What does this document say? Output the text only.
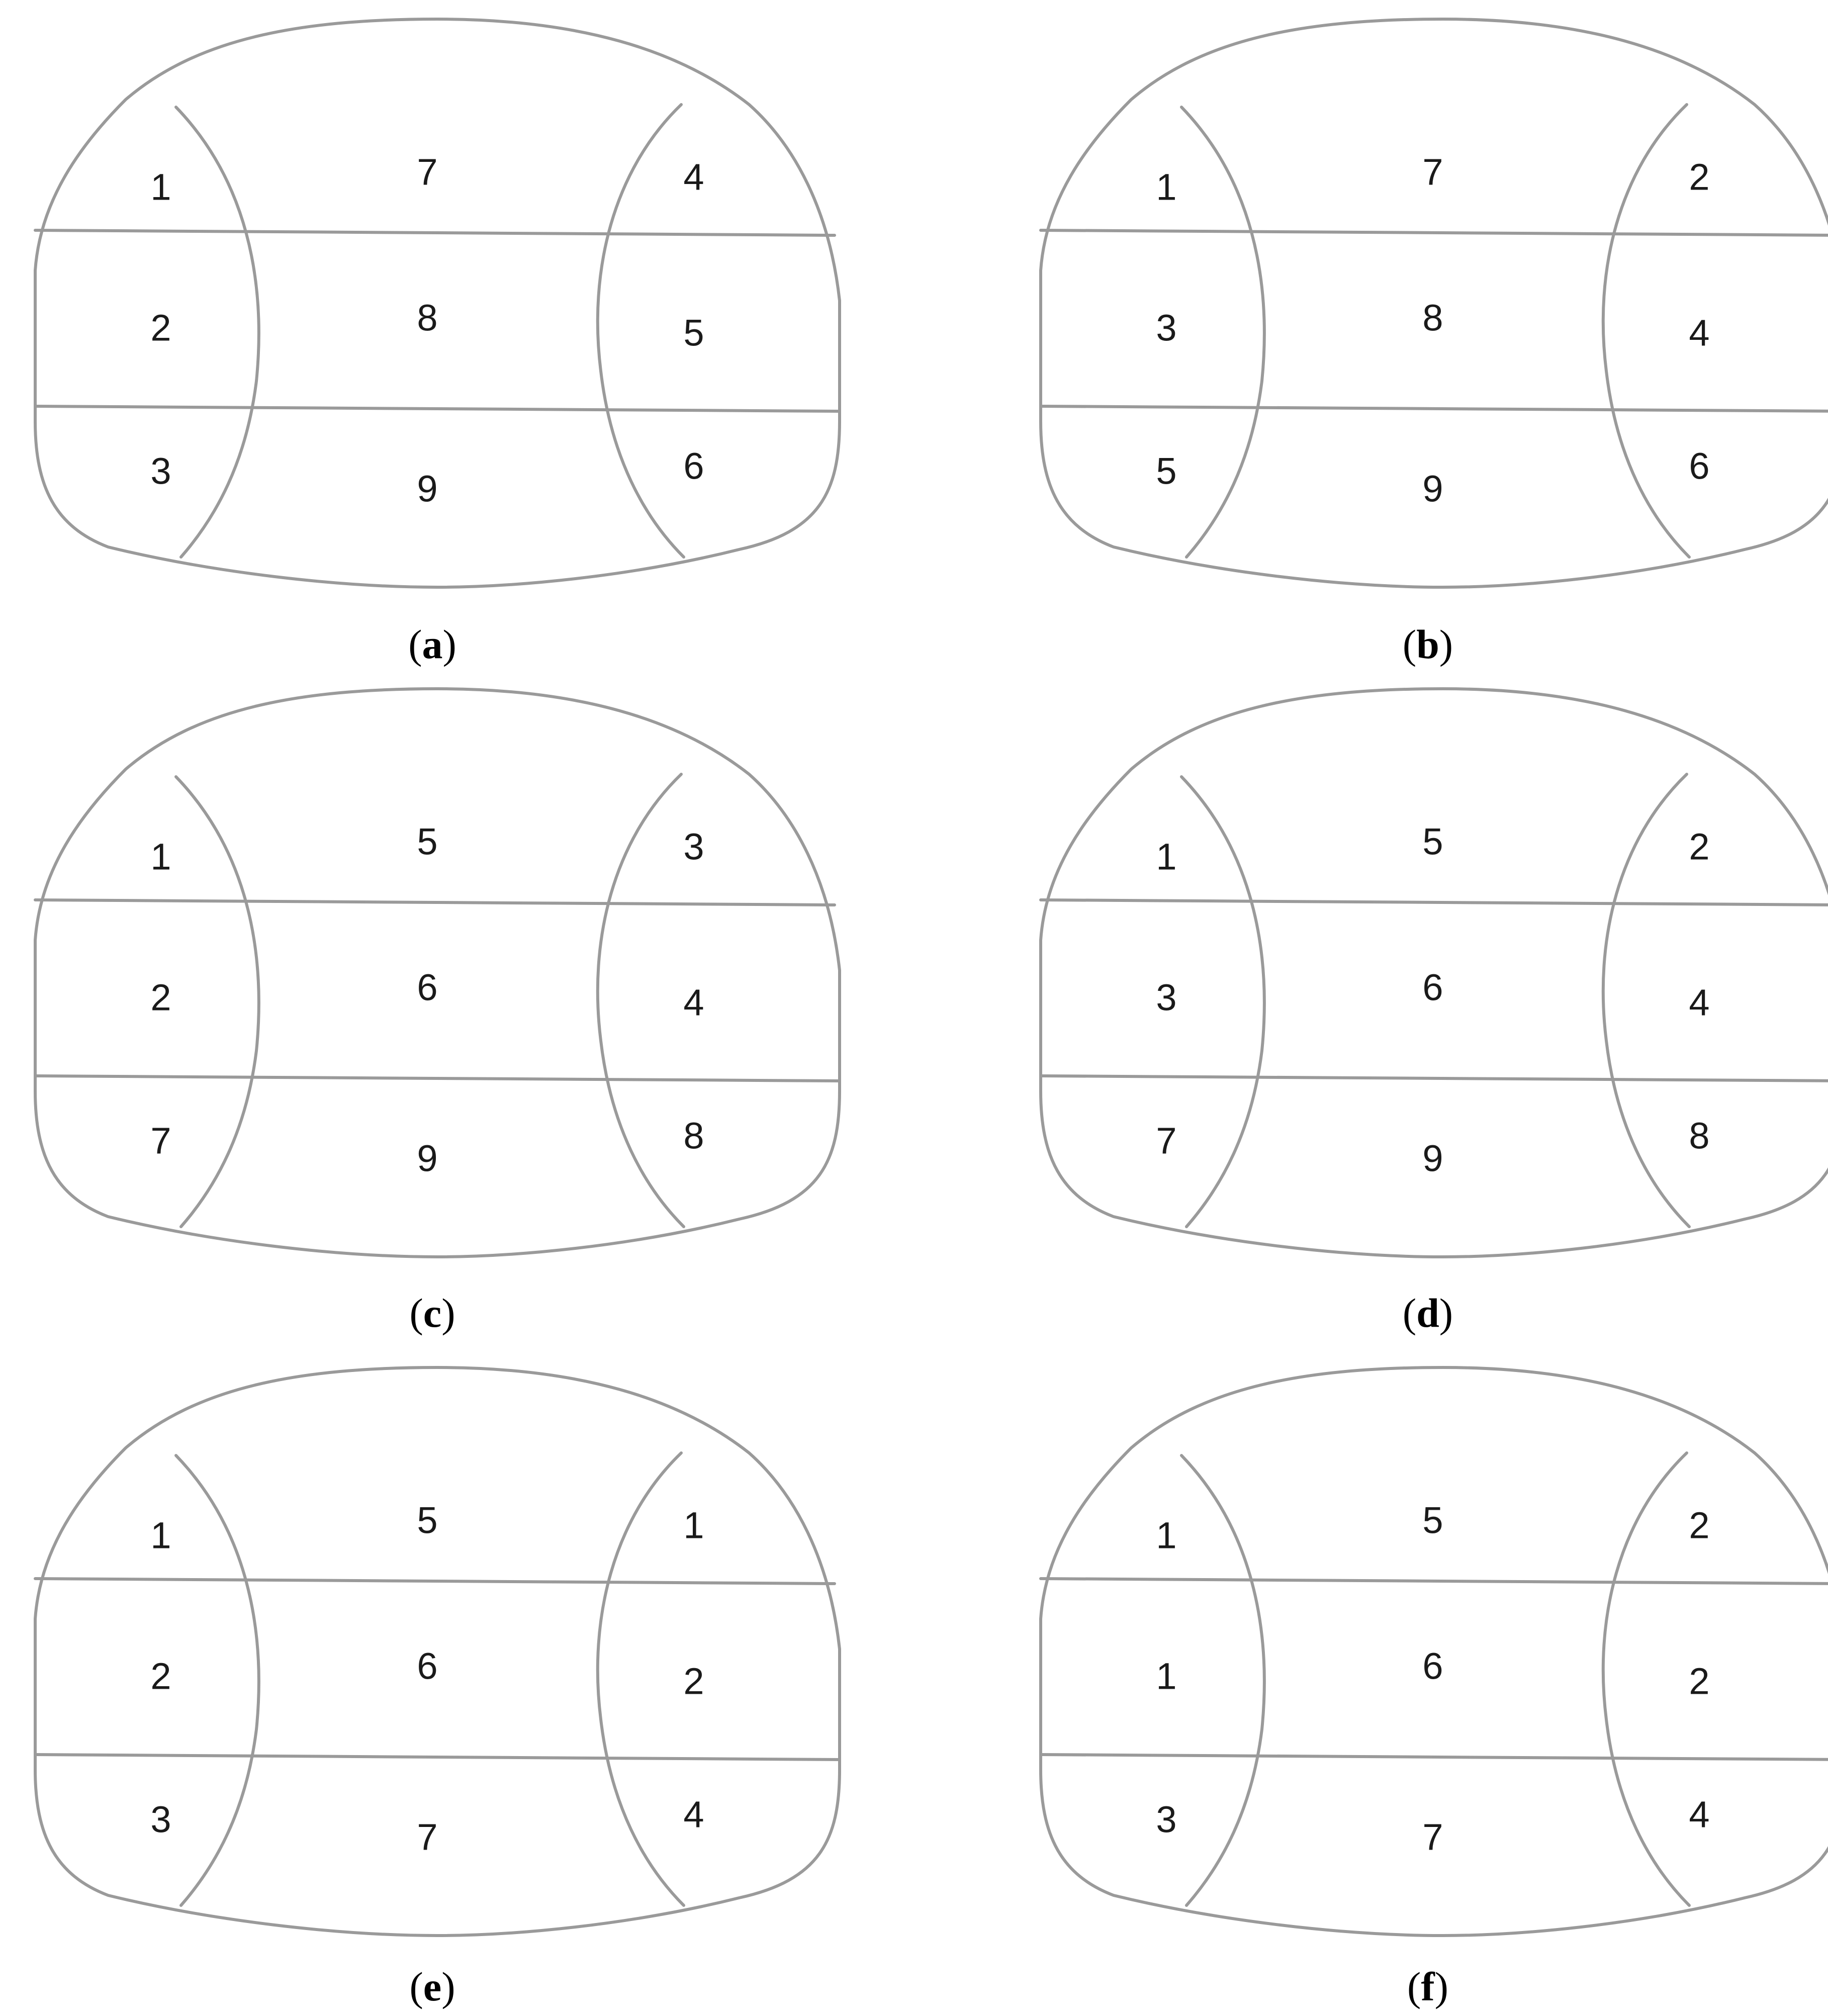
1
2
3
7
8
9
4
5
6
(a)
1
3
5
7
8
9
2
4
6
(b)
1
2
7
5
6
9
3
4
8
(c)
1
3
7
5
6
9
2
4
8
(d)
1
2
3
5
6
7
1
2
4
(e)
1
1
3
5
6
7
2
2
4
(f)
